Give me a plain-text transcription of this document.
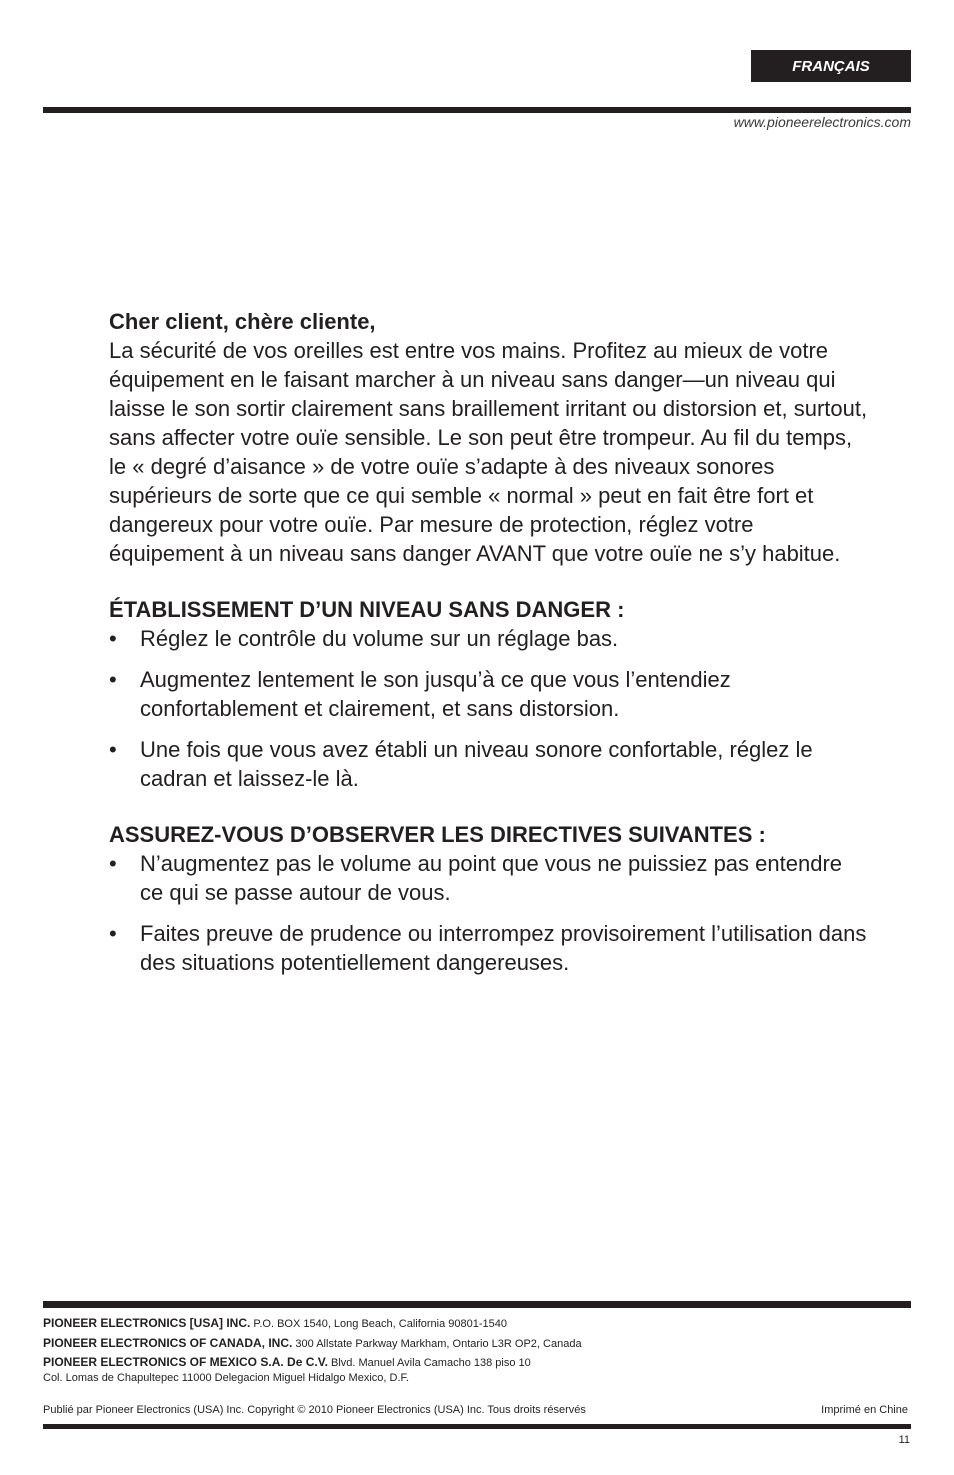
FRANÇAIS
www.pioneerelectronics.com

Cher client, chère cliente,

La sécurité de vos oreilles est entre vos mains. Profitez au mieux de votre équipement en le faisant marcher à un niveau sans danger—un niveau qui laisse le son sortir clairement sans braillement irritant ou distorsion et, surtout, sans affecter votre ouïe sensible. Le son peut être trompeur. Au fil du temps, le « degré d’aisance » de votre ouïe s’adapte à des niveaux sonores supérieurs de sorte que ce qui semble « normal » peut en fait être fort et dangereux pour votre ouïe. Par mesure de protection, réglez votre équipement à un niveau sans danger AVANT que votre ouïe ne s’y habitue.

ÉTABLISSEMENT D’UN NIVEAU SANS DANGER :
• Réglez le contrôle du volume sur un réglage bas.
• Augmentez lentement le son jusqu’à ce que vous l’entendiez confortablement et clairement, et sans distorsion.
• Une fois que vous avez établi un niveau sonore confortable, réglez le cadran et laissez-le là.
ASSUREZ-VOUS D’OBSERVER LES DIRECTIVES SUIVANTES :
• N’augmentez pas le volume au point que vous ne puissiez pas entendre ce qui se passe autour de vous.
• Faites preuve de prudence ou interrompez provisoirement l’utilisation dans des situations potentiellement dangereuses.
PIONEER ELECTRONICS [USA] INC. P.O. BOX 1540, Long Beach, California 90801-1540
PIONEER ELECTRONICS OF CANADA, INC. 300 Allstate Parkway Markham, Ontario L3R OP2, Canada
PIONEER ELECTRONICS OF MEXICO S.A. De C.V. Blvd. Manuel Avila Camacho 138 piso 10
Col. Lomas de Chapultepec 11000 Delegacion Miguel Hidalgo Mexico, D.F.
Publié par Pioneer Electronics (USA) Inc. Copyright © 2010 Pioneer Electronics (USA) Inc. Tous droits réservés	Imprimé en Chine
11
